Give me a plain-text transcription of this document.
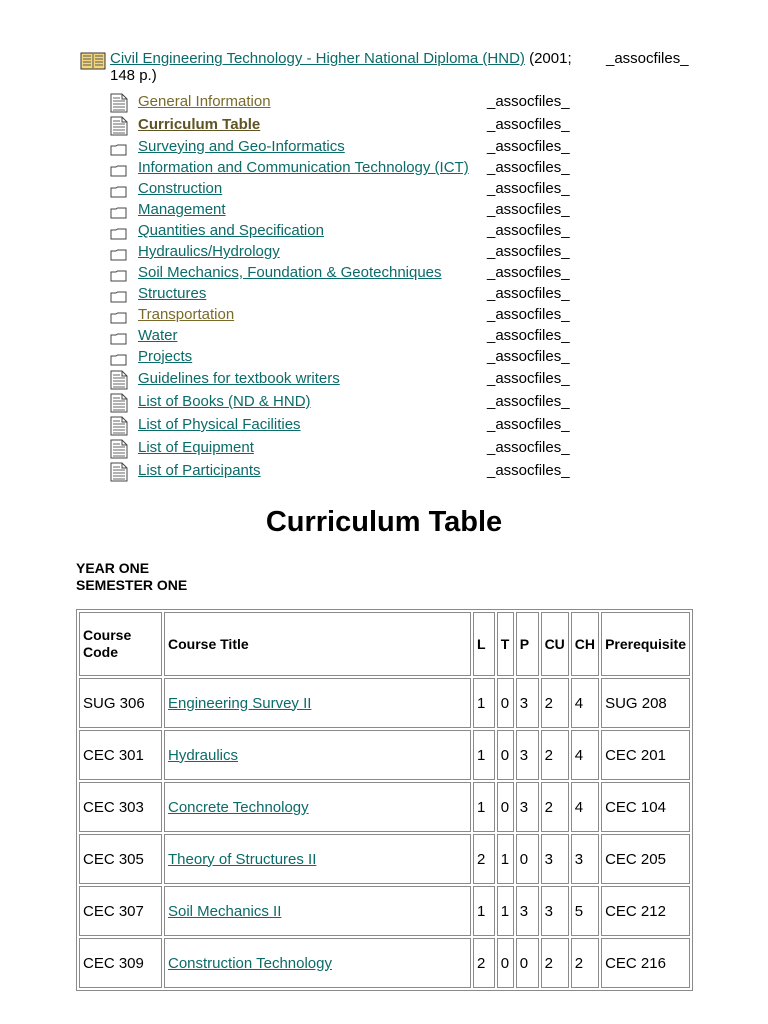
Civil Engineering Technology - Higher National Diploma (HND) (2001;
148 p.)
_assocfiles_
General Information	_assocfiles_
Curriculum Table	_assocfiles_
Surveying and Geo-Informatics	_assocfiles_
Information and Communication Technology (ICT) _assocfiles_
Construction	_assocfiles_
Management	_assocfiles_
Quantities and Specification	_assocfiles_
Hydraulics/Hydrology	_assocfiles_
Soil Mechanics, Foundation & Geotechniques	_assocfiles_
Structures	_assocfiles_
Transportation	_assocfiles_
Water	_assocfiles_
Projects	_assocfiles_
Guidelines for textbook writers	_assocfiles_
List of Books (ND & HND)	_assocfiles_
List of Physical Facilities	_assocfiles_
List of Equipment	_assocfiles_
List of Participants	_assocfiles_
Curriculum Table
YEAR ONE
SEMESTER ONE
Course Code	Course Title	L	T	P	CU	CH	Prerequisite
SUG 306	Engineering Survey II	1	0	3	2	4	SUG 208
CEC 301	Hydraulics	1	0	3	2	4	CEC 201
CEC 303	Concrete Technology	1	0	3	2	4	CEC 104
CEC 305	Theory of Structures II	2	1	0	3	3	CEC 205
CEC 307	Soil Mechanics II	1	1	3	3	5	CEC 212
CEC 309	Construction Technology	2	0	0	2	2	CEC 216
